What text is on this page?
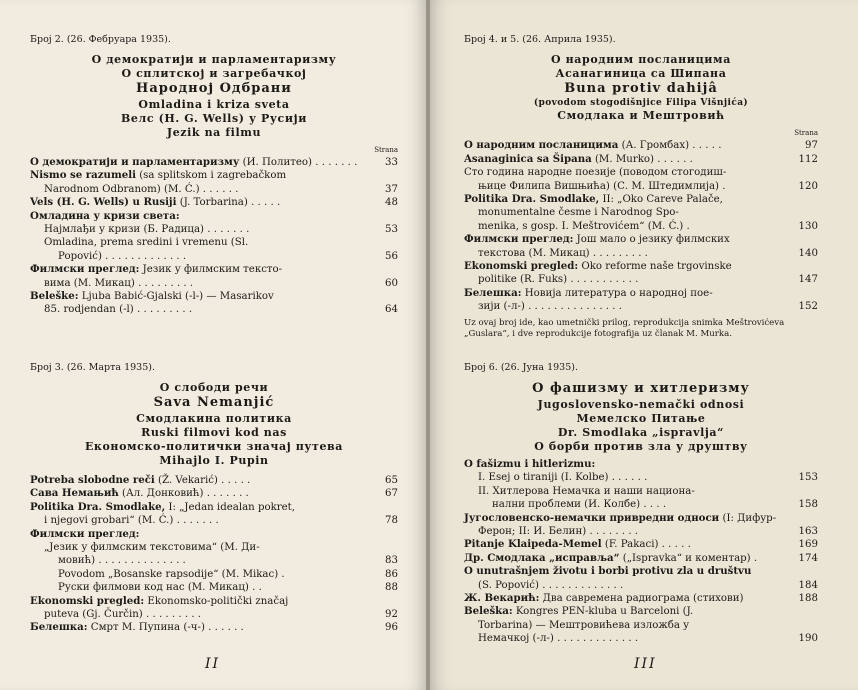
Број 2. (26. Фебруара 1935).
О демократији и парламентаризму
О сплитској и загребачкој
Народној Одбрани
Omladina i kriza sveta
Велс (H. G. Wells) у Русији
Jezik na filmu
Strana
О демократији и парламентаризму (И. Политео) . . . . . . .	33
Nismo se razumeli (sa splitskom i zagrebačkom
Narodnom Odbranom) (M. Ć.) . . . . . .	37
Vels (H. G. Wells) u Rusiji (J. Torbarina) . . . . .	48
Омладина у кризи света:
Најмлађи у кризи (Б. Радица) . . . . . . .	53
Omladina, prema sredini i vremenu (Sl.
Popović) . . . . . . . . . . . . .	56
Филмски преглед: Језик у филмским тексто-
вима (М. Микац) . . . . . . . . .	60
Beleške: Ljuba Babić-Gjalski (-l-) — Masarikov
85. rodjendan (-l) . . . . . . . . .	64
Број 3. (26. Марта 1935).
О слободи речи
Sava Nemanjić
Смодлакина политика
Ruski filmovi kod nas
Економско-политички значај путева
Mihajlo I. Pupin
Potreba slobodne reči (Ž. Vekarić) . . . . .	65
Сава Немањић (Ал. Донковић) . . . . . . .	67
Politika Dra. Smodlake, I: „Jedan idealan pokret,
i njegovi grobari“ (M. Ć.) . . . . . . .	78
Филмски преглед:
„Језик у филмским текстовима“ (М. Ди-
мовић) . . . . . . . . . . . . . .	83
Povodom „Bosanske rapsodije“ (M. Mikac) .	86
Руски филмови код нас (М. Микац) . .	88
Ekonomski pregled: Ekonomsko-politički značaj
puteva (Gj. Čurčin) . . . . . . . . .	92
Белешка: Смрт М. Пупина (-ч-) . . . . . .	96
II
Број 4. и 5. (26. Априла 1935).
О народним посланицима
Асанагиница са Шипана
Buna protiv dahijâ
(povodom stogodišnjice Filipa Višnjića)
Смодлака и Мештровић
Strana
О народним посланицима (А. Громбах) . . . . .	97
Asanaginica sa Šipana (M. Murko) . . . . . .	112
Сто година народне поезије (поводом стогодиш-
њице Филипа Вишњића) (С. М. Штедимлија) .	120
Politika Dra. Smodlake, II: „Oko Careve Palače,
monumentalne česme i Narodnog Spo-
menika, s gosp. I. Meštrovićem“ (M. Ć.) .	130
Филмски преглед: Још мало о језику филмских
текстова (М. Микац) . . . . . . . . .	140
Ekonomski pregled: Oko reforme naše trgovinske
politike (R. Fuks) . . . . . . . . . . .	147
Белешка: Новија литература о народној пое-
зији (-л-) . . . . . . . . . . . . . . .	152
Uz ovaj broj ide, kao umetnički prilog, reprodukcija snimka Meštrovićeva „Guslara“, i dve reprodukcije fotografija uz članak M. Murka.
Број 6. (26. Јуна 1935).
О фашизму и хитлеризму
Jugoslovensko-nemački odnosi
Мемелско Питање
Dr. Smodlaka „ispravlja“
О борби против зла у друштву
O fašizmu i hitlerizmu:
I. Esej o tiraniji (I. Kolbe) . . . . . .	153
II. Хитлерова Немачка и наши национа-
нални проблеми (И. Колбе) . . . .	158
Југословенско-немачки привредни односи (I: Дифур-
Ферон; II: И. Белин) . . . . . . . .	163
Pitanje Klaipeda-Memel (F. Pakaci) . . . . .	169
Др. Смодлака „исправља“ („Ispravka“ и коментар) .	174
O unutrašnjem životu i borbi protivu zla u društvu
(S. Popović) . . . . . . . . . . . . .	184
Ж. Векарић: Два савремена радиограма (стихови)	188
Beleška: Kongres PEN-kluba u Barceloni (J.
Torbarina) — Мештровићева изложба у
Немачкој (-л-) . . . . . . . . . . . . .	190
III
